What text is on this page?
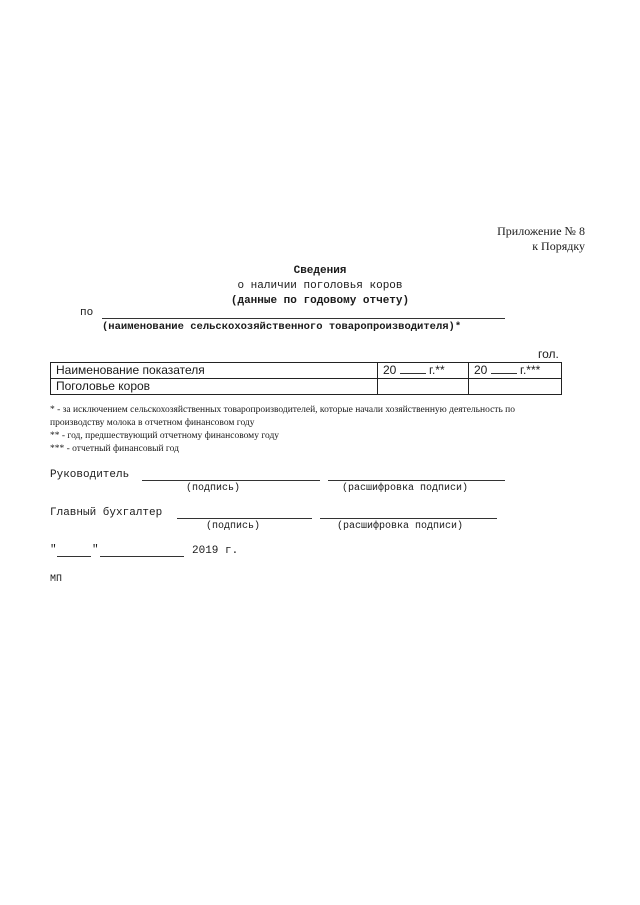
Приложение № 8
к Порядку
Сведения
о наличии поголовья коров
(данные по годовому отчету)
по
(наименование сельскохозяйственного товаропроизводителя)*
гол.
Наименование показателя	20 г.**	20 г.***
Поголовье коров		
* - за исключением сельскохозяйственных товаропроизводителей, которые начали хозяйственную деятельность по
производству молока в отчетном финансовом году
** - год, предшествующий отчетному финансовому году
*** - отчетный финансовый год
Руководитель
(подпись)	(расшифровка подписи)
Главный бухгалтер
(подпись)	(расшифровка подписи)
"	"	2019 г.
МП
